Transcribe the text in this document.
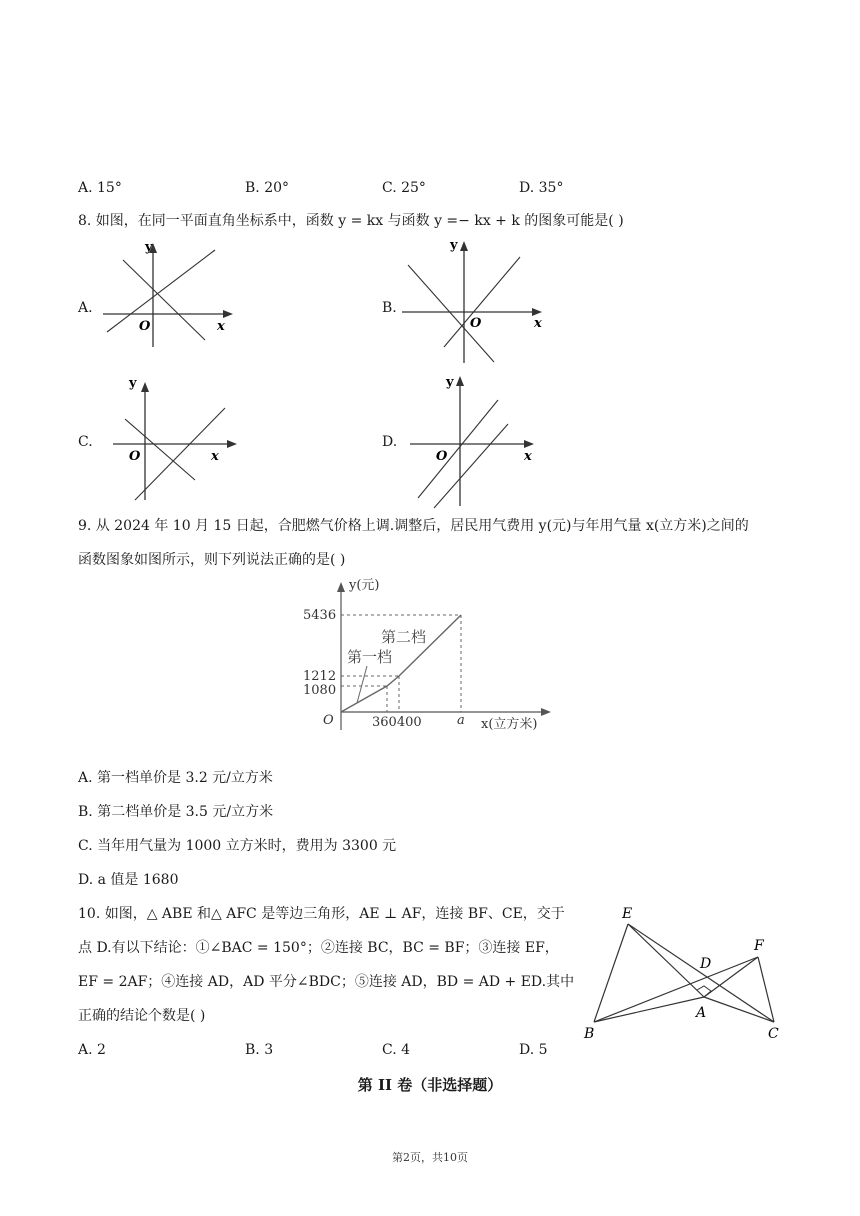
A. 15°	B. 20°	C. 25°	D. 35°
8. 如图，在同一平面直角坐标系中，函数 y = kx 与函数 y =− kx + k 的图象可能是( )
A.	B.
C.	D.
y
O	x
y
O	x
y
O	x
y
O	x
9. 从 2024 年 10 月 15 日起，合肥燃气价格上调.调整后，居民用气费用 y(元)与年用气量 x(立方米)之间的
函数图象如图所示，则下列说法正确的是( )
y(元)
5436
1212
1080
O	360400	a x(立方米)
第二档
第一档
A. 第一档单价是 3.2 元/立方米
B. 第二档单价是 3.5 元/立方米
C. 当年用气量为 1000 立方米时，费用为 3300 元
D. a 值是 1680
10. 如图，△ ABE 和△ AFC 是等边三角形，AE ⊥ AF，连接 BF、CE，交于
点 D.有以下结论：①∠BAC = 150°；②连接 BC，BC = BF；③连接 EF，
EF = 2AF；④连接 AD，AD 平分∠BDC；⑤连接 AD，BD = AD + ED.其中
正确的结论个数是( )
A. 2	B. 3	C. 4	D. 5
E
F
D
A
B	C
第 II 卷（非选择题）
第2页，共10页
